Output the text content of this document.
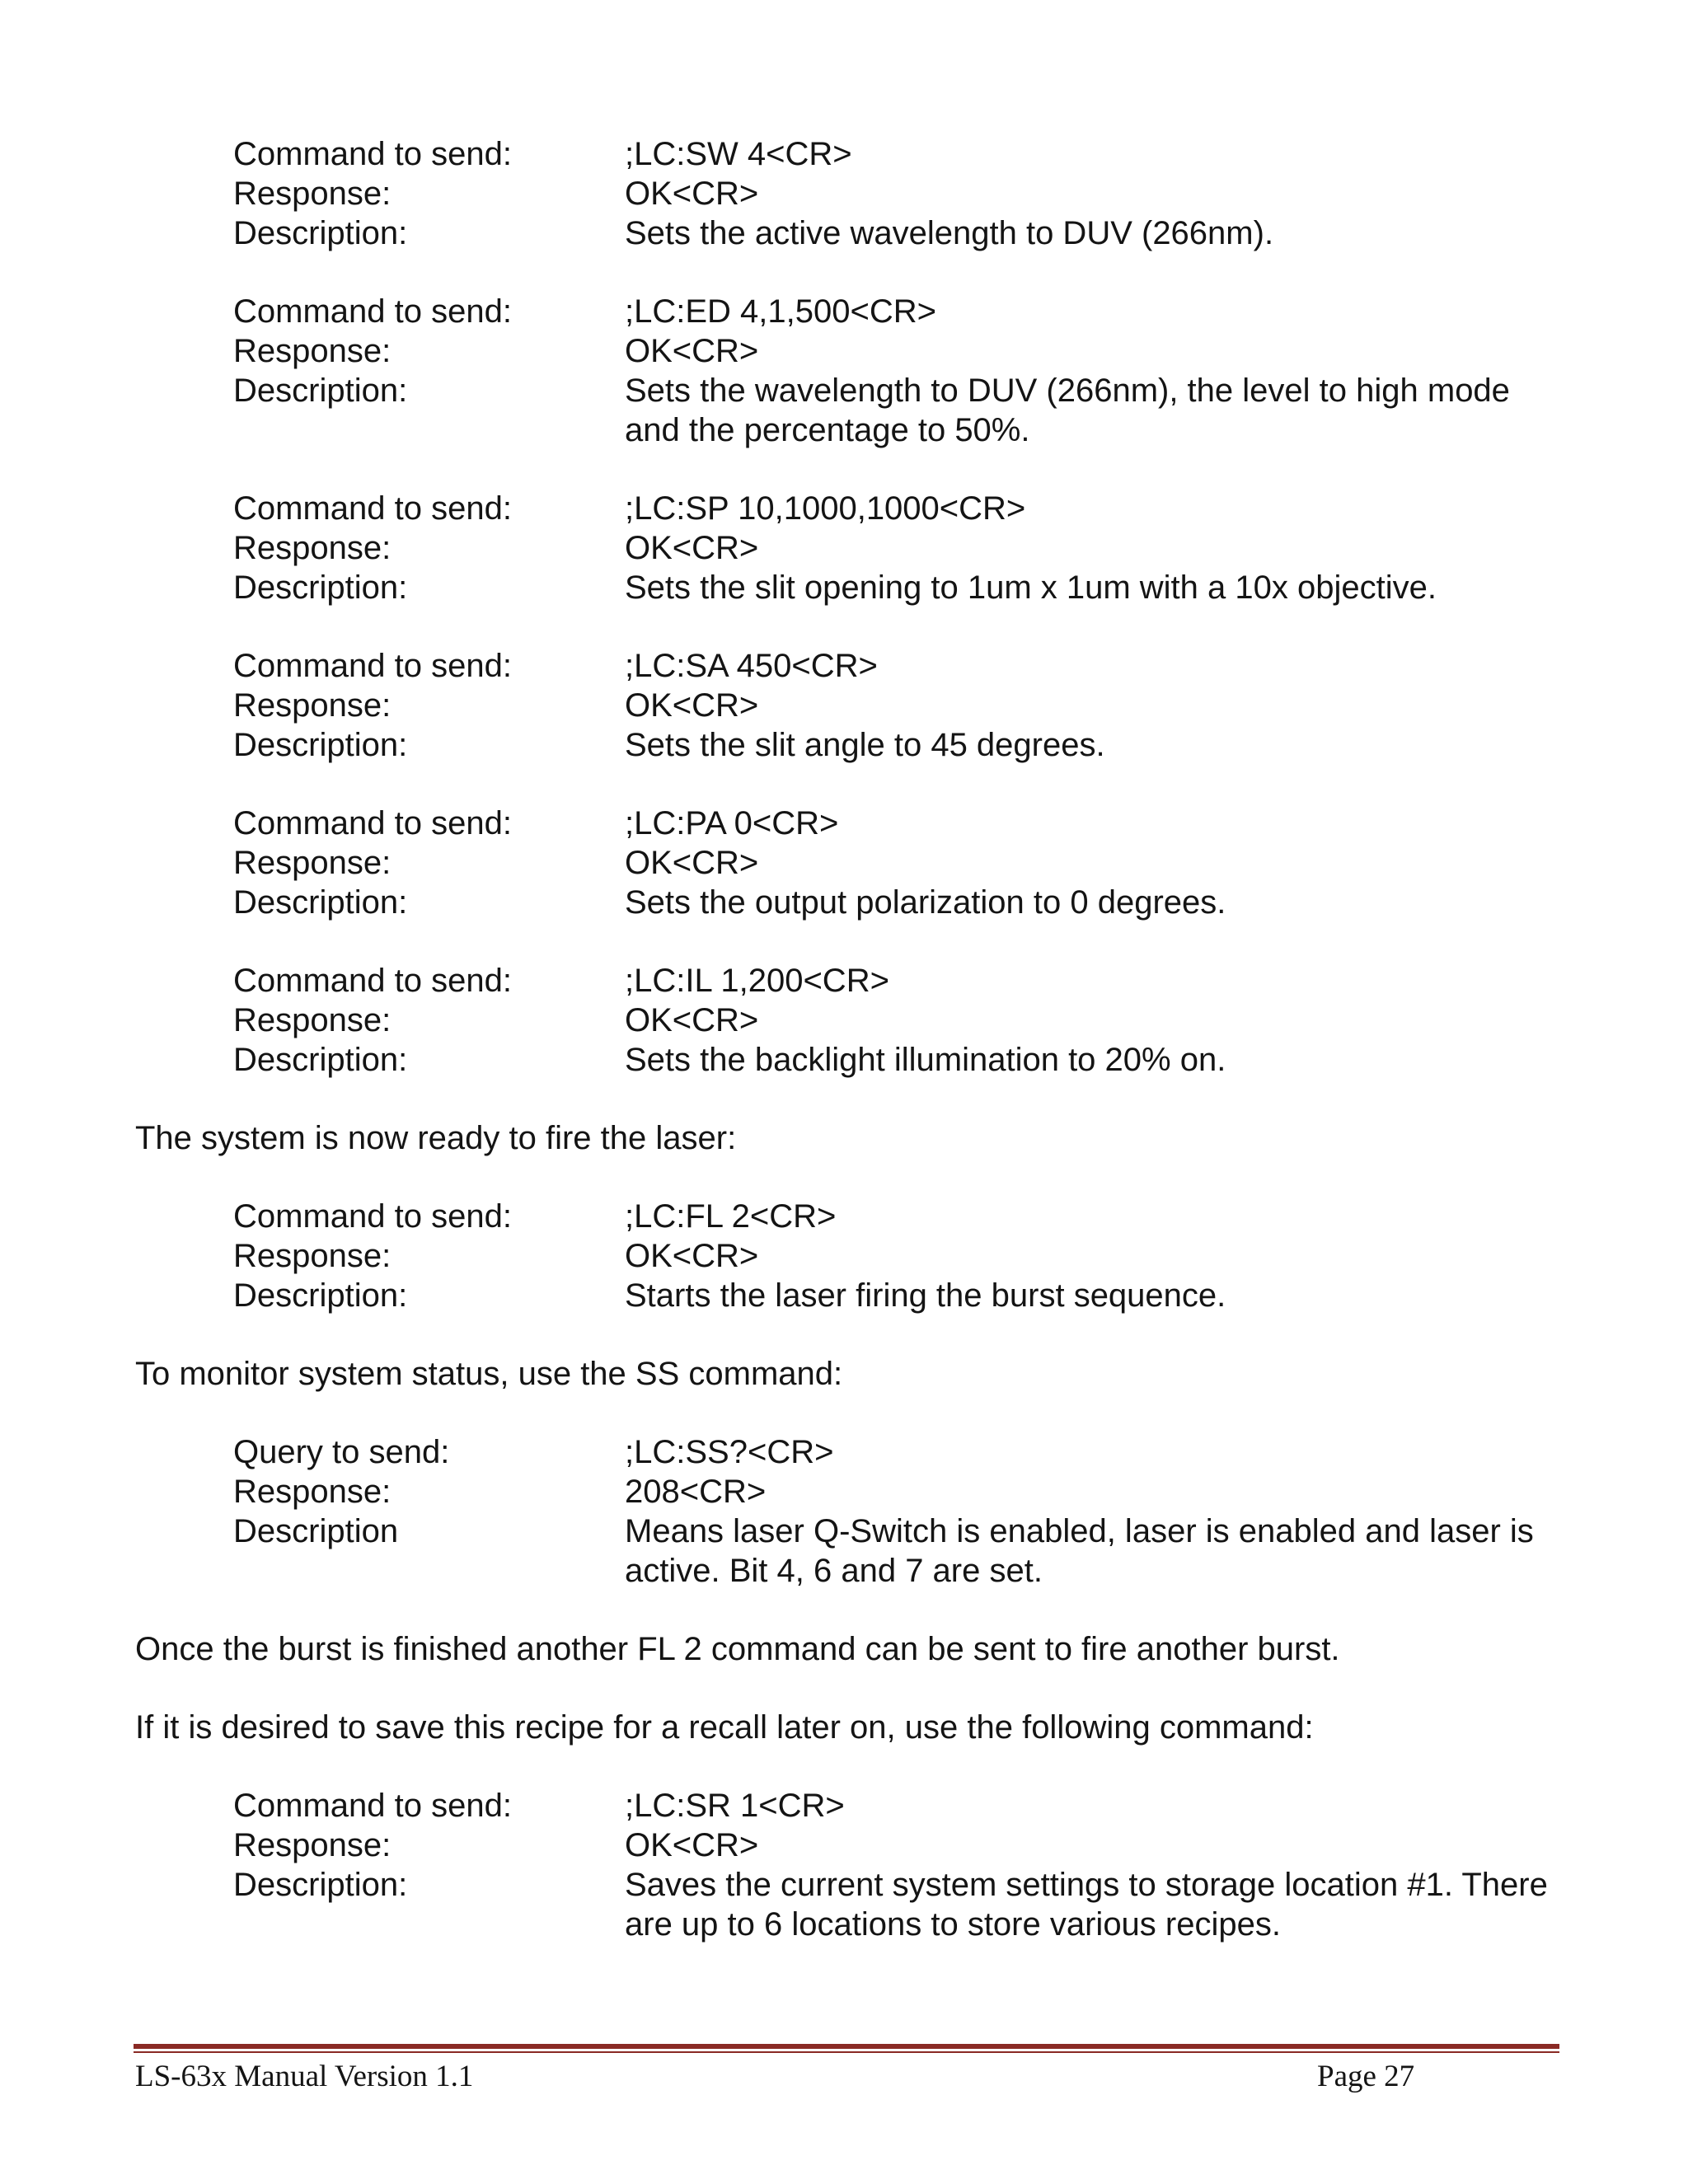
Command to send:	;LC:SW 4<CR>
Response:	OK<CR>
Description:	Sets the active wavelength to DUV (266nm).
Command to send:	;LC:ED 4,1,500<CR>
Response:	OK<CR>
Description:	Sets the wavelength to DUV (266nm), the level to high mode
and the percentage to 50%.
Command to send:	;LC:SP 10,1000,1000<CR>
Response:	OK<CR>
Description:	Sets the slit opening to 1um x 1um with a 10x objective.
Command to send:	;LC:SA 450<CR>
Response:	OK<CR>
Description:	Sets the slit angle to 45 degrees.
Command to send:	;LC:PA 0<CR>
Response:	OK<CR>
Description:	Sets the output polarization to 0 degrees.
Command to send:	;LC:IL 1,200<CR>
Response:	OK<CR>
Description:	Sets the backlight illumination to 20% on.
The system is now ready to fire the laser:
Command to send:	;LC:FL 2<CR>
Response:	OK<CR>
Description:	Starts the laser firing the burst sequence.
To monitor system status, use the SS command:
Query to send:	;LC:SS?<CR>
Response:	208<CR>
Description	Means laser Q-Switch is enabled, laser is enabled and laser is
active. Bit 4, 6 and 7 are set.
Once the burst is finished another FL 2 command can be sent to fire another burst.
If it is desired to save this recipe for a recall later on, use the following command:
Command to send:	;LC:SR 1<CR>
Response:	OK<CR>
Description:	Saves the current system settings to storage location #1. There
are up to 6 locations to store various recipes.
LS-63x Manual Version 1.1	Page 27
